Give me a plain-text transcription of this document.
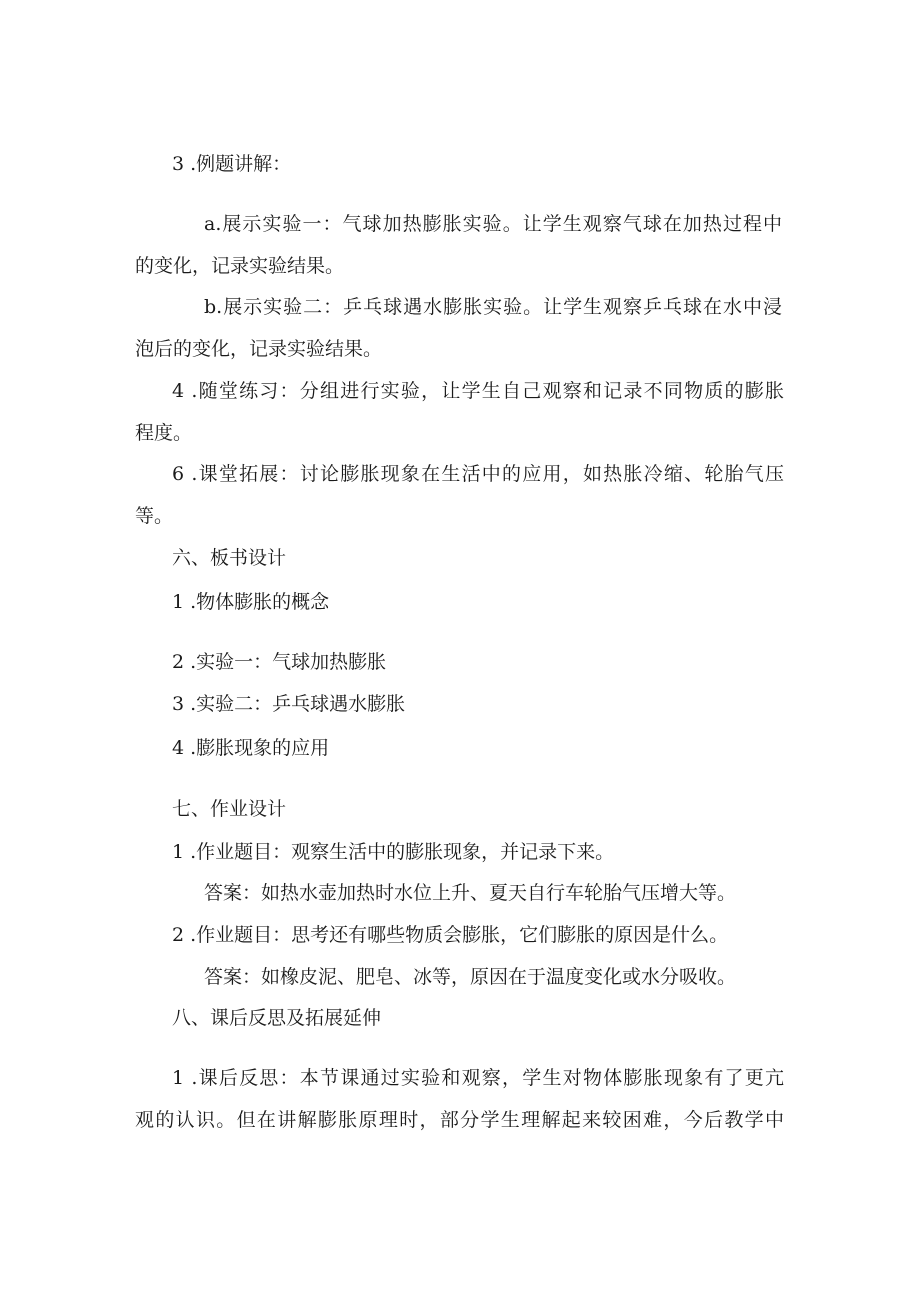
3 .例题讲解：
a.展示实验一：气球加热膨胀实验。让学生观察气球在加热过程中
的变化，记录实验结果。
b.展示实验二：乒乓球遇水膨胀实验。让学生观察乒乓球在水中浸
泡后的变化，记录实验结果。
4 .随堂练习：分组进行实验，让学生自己观察和记录不同物质的膨胀
程度。
6 .课堂拓展：讨论膨胀现象在生活中的应用，如热胀冷缩、轮胎气压
等。
六、板书设计
1 .物体膨胀的概念
2 .实验一：气球加热膨胀
3 .实验二：乒乓球遇水膨胀
4 .膨胀现象的应用
七、作业设计
1 .作业题目：观察生活中的膨胀现象，并记录下来。
答案：如热水壶加热时水位上升、夏天自行车轮胎气压增大等。
2 .作业题目：思考还有哪些物质会膨胀，它们膨胀的原因是什么。
答案：如橡皮泥、肥皂、冰等，原因在于温度变化或水分吸收。
八、课后反思及拓展延伸
1 .课后反思：本节课通过实验和观察，学生对物体膨胀现象有了更亢
观的认识。但在讲解膨胀原理时，部分学生理解起来较困难，今后教学中
